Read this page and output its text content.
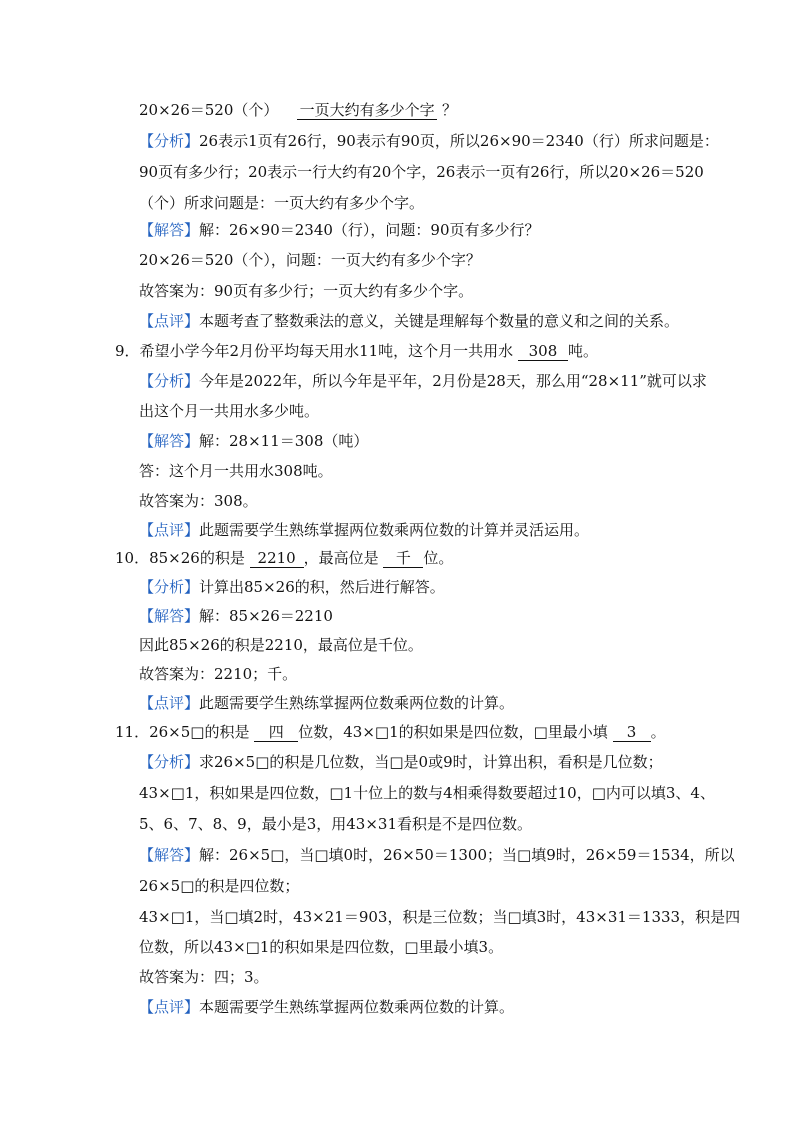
20×26＝520（个） 一页大约有多少个字 ？
【分析】26表示1页有26行，90表示有90页，所以26×90＝2340（行）所求问题是：
90页有多少行；20表示一行大约有20个字，26表示一页有26行，所以20×26＝520
（个）所求问题是：一页大约有多少个字。
【解答】解：26×90＝2340（行），问题：90页有多少行？
20×26＝520（个），问题：一页大约有多少个字？
故答案为：90页有多少行；一页大约有多少个字。
【点评】本题考查了整数乘法的意义，关键是理解每个数量的意义和之间的关系。
9．希望小学今年2月份平均每天用水11吨，这个月一共用水 308 吨。
【分析】今年是2022年，所以今年是平年，2月份是28天，那么用“28×11”就可以求
出这个月一共用水多少吨。
【解答】解：28×11＝308（吨）
答：这个月一共用水308吨。
故答案为：308。
【点评】此题需要学生熟练掌握两位数乘两位数的计算并灵活运用。
10．85×26的积是 2210 ，最高位是 千 位。
【分析】计算出85×26的积，然后进行解答。
【解答】解：85×26＝2210
因此85×26的积是2210，最高位是千位。
故答案为：2210；千。
【点评】此题需要学生熟练掌握两位数乘两位数的计算。
11．26×5□的积是 四 位数，43×□1的积如果是四位数，□里最小填 3 。
【分析】求26×5□的积是几位数，当□是0或9时，计算出积，看积是几位数；
43×□1，积如果是四位数，□1十位上的数与4相乘得数要超过10，□内可以填3、4、
5、6、7、8、9，最小是3，用43×31看积是不是四位数。
【解答】解：26×5□，当□填0时，26×50＝1300；当□填9时，26×59＝1534，所以
26×5□的积是四位数；
43×□1，当□填2时，43×21＝903，积是三位数；当□填3时，43×31＝1333，积是四
位数，所以43×□1的积如果是四位数，□里最小填3。
故答案为：四；3。
【点评】本题需要学生熟练掌握两位数乘两位数的计算。
